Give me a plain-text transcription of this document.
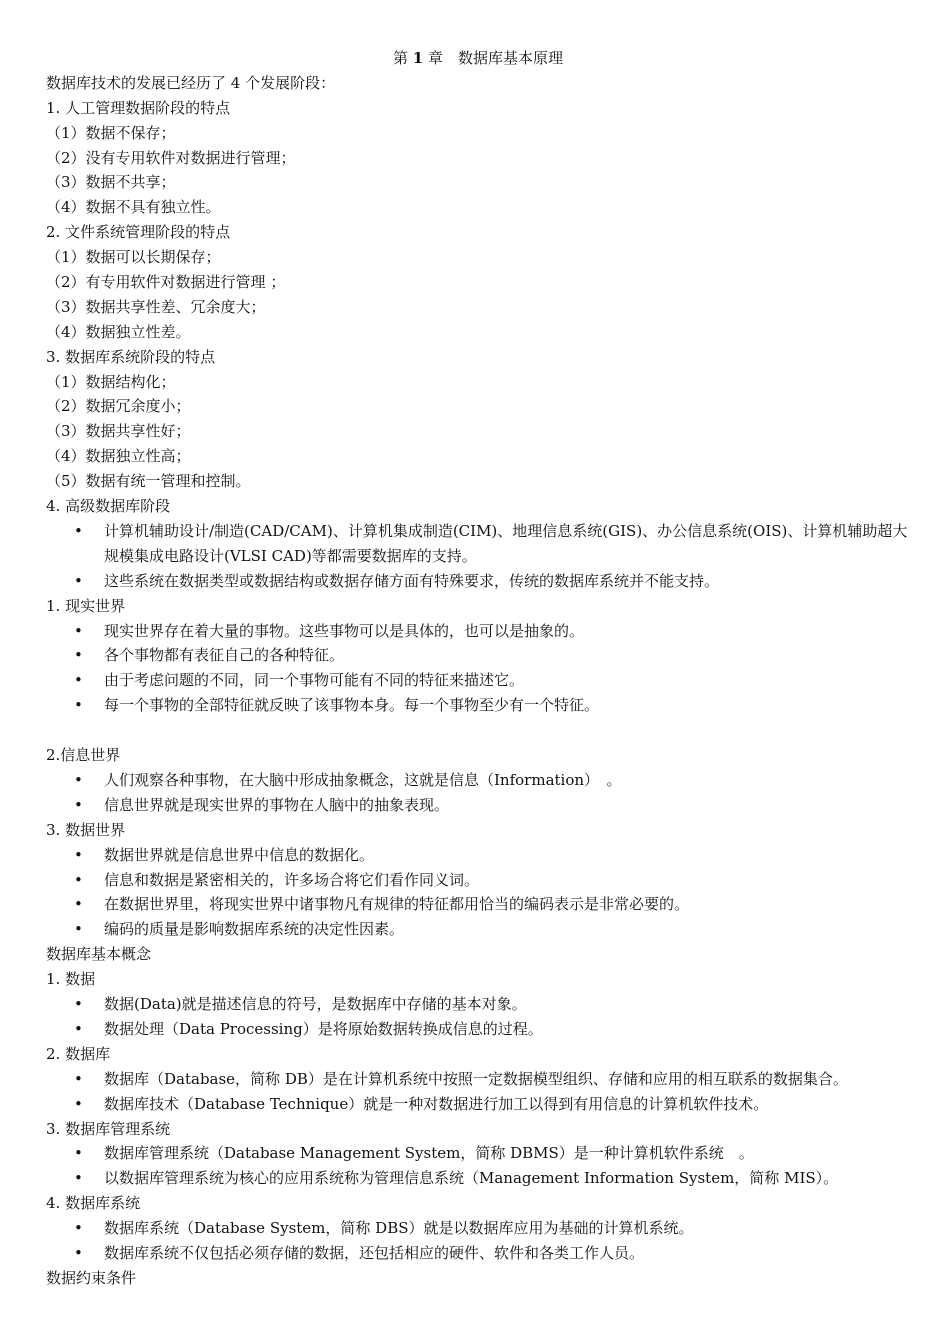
第 1 章　数据库基本原理
数据库技术的发展已经历了 4 个发展阶段：
1. 人工管理数据阶段的特点
（1）数据不保存；
（2）没有专用软件对数据进行管理；
（3）数据不共享；
（4）数据不具有独立性。
2. 文件系统管理阶段的特点
（1）数据可以长期保存；
（2）有专用软件对数据进行管理 ；
（3）数据共享性差、冗余度大；
（4）数据独立性差。
3. 数据库系统阶段的特点
（1）数据结构化；
（2）数据冗余度小；
（3）数据共享性好；
（4）数据独立性高；
（5）数据有统一管理和控制。
4. 高级数据库阶段
• 计算机辅助设计/制造(CAD/CAM)、计算机集成制造(CIM)、地理信息系统(GIS)、办公信息系统(OIS)、计算机辅助超大规模集成电路设计(VLSI CAD)等都需要数据库的支持。
• 这些系统在数据类型或数据结构或数据存储方面有特殊要求，传统的数据库系统并不能支持。
1. 现实世界
• 现实世界存在着大量的事物。这些事物可以是具体的，也可以是抽象的。
• 各个事物都有表征自己的各种特征。
• 由于考虑问题的不同，同一个事物可能有不同的特征来描述它。
• 每一个事物的全部特征就反映了该事物本身。每一个事物至少有一个特征。
2.信息世界
• 人们观察各种事物，在大脑中形成抽象概念，这就是信息（Information）　。
• 信息世界就是现实世界的事物在人脑中的抽象表现。
3. 数据世界
• 数据世界就是信息世界中信息的数据化。
• 信息和数据是紧密相关的，许多场合将它们看作同义词。
• 在数据世界里，将现实世界中诸事物凡有规律的特征都用恰当的编码表示是非常必要的。
• 编码的质量是影响数据库系统的决定性因素。
数据库基本概念
1. 数据
• 数据(Data)就是描述信息的符号，是数据库中存储的基本对象。
• 数据处理（Data Processing）是将原始数据转换成信息的过程。
2. 数据库
• 数据库（Database，简称 DB）是在计算机系统中按照一定数据模型组织、存储和应用的相互联系的数据集合。
• 数据库技术（Database Technique）就是一种对数据进行加工以得到有用信息的计算机软件技术。
3. 数据库管理系统
• 数据库管理系统（Database Management System，简称 DBMS）是一种计算机软件系统　。
• 以数据库管理系统为核心的应用系统称为管理信息系统（Management Information System，简称 MIS）。
4. 数据库系统
• 数据库系统（Database System，简称 DBS）就是以数据库应用为基础的计算机系统。
• 数据库系统不仅包括必须存储的数据，还包括相应的硬件、软件和各类工作人员。
数据约束条件
